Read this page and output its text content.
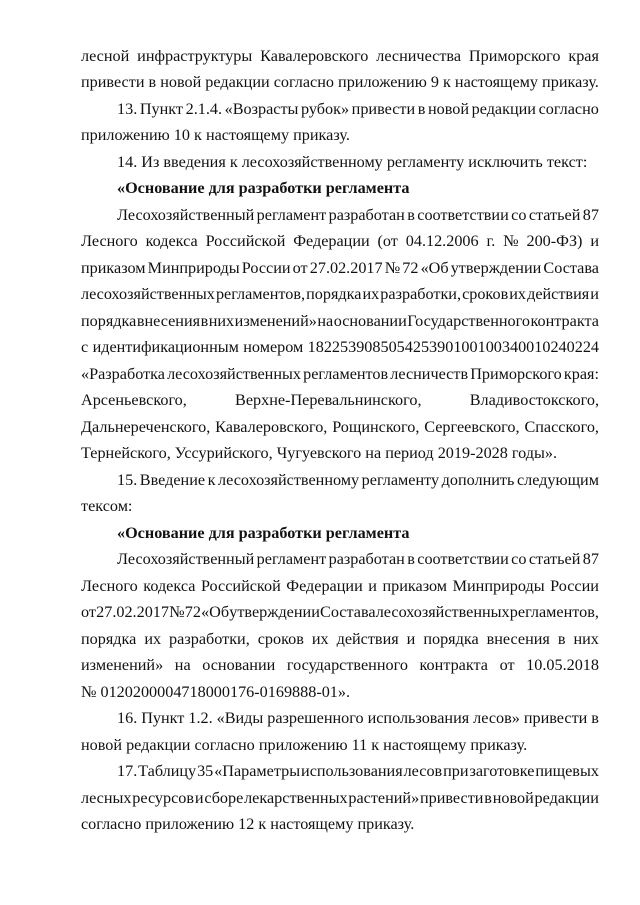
лесной инфраструктуры Кавалеровского лесничества Приморского края
привести в новой редакции согласно приложению 9 к настоящему приказу.
13. Пункт 2.1.4. «Возрасты рубок» привести в новой редакции согласно
приложению 10 к настоящему приказу.
14. Из введения к лесохозяйственному регламенту исключить текст:
«Основание для разработки регламента
Лесохозяйственный регламент разработан в соответствии со статьей 87
Лесного кодекса Российской Федерации (от 04.12.2006 г. № 200-ФЗ) и
приказом Минприроды России от 27.02.2017 № 72 «Об утверждении Состава
лесохозяйственных регламентов, порядка их разработки, сроков их действия и
порядка внесения в них изменений» на основании Государственного контракта
с идентификационным номером 182253908505425390100100340010240224
«Разработка лесохозяйственных регламентов лесничеств Приморского края:
Арсеньевского,	Верхне-Перевальнинского,	Владивостокского,
Дальнереченского, Кавалеровского, Рощинского, Сергеевского, Спасского,
Тернейского, Уссурийского, Чугуевского на период 2019-2028 годы».
15. Введение к лесохозяйственному регламенту дополнить следующим
тексом:
«Основание для разработки регламента
Лесохозяйственный регламент разработан в соответствии со статьей 87
Лесного кодекса Российской Федерации и приказом Минприроды России
от 27.02.2017 № 72 «Об утверждении Состава лесохозяйственных регламентов,
порядка их разработки, сроков их действия и порядка внесения в них
изменений» на основании государственного контракта от 10.05.2018
№ 0120200004718000176-0169888-01».
16. Пункт 1.2. «Виды разрешенного использования лесов» привести в
новой редакции согласно приложению 11 к настоящему приказу.
17. Таблицу 35 «Параметры использования лесов при заготовке пищевых
лесных ресурсов и сборе лекарственных растений» привести в новой редакции
согласно приложению 12 к настоящему приказу.
